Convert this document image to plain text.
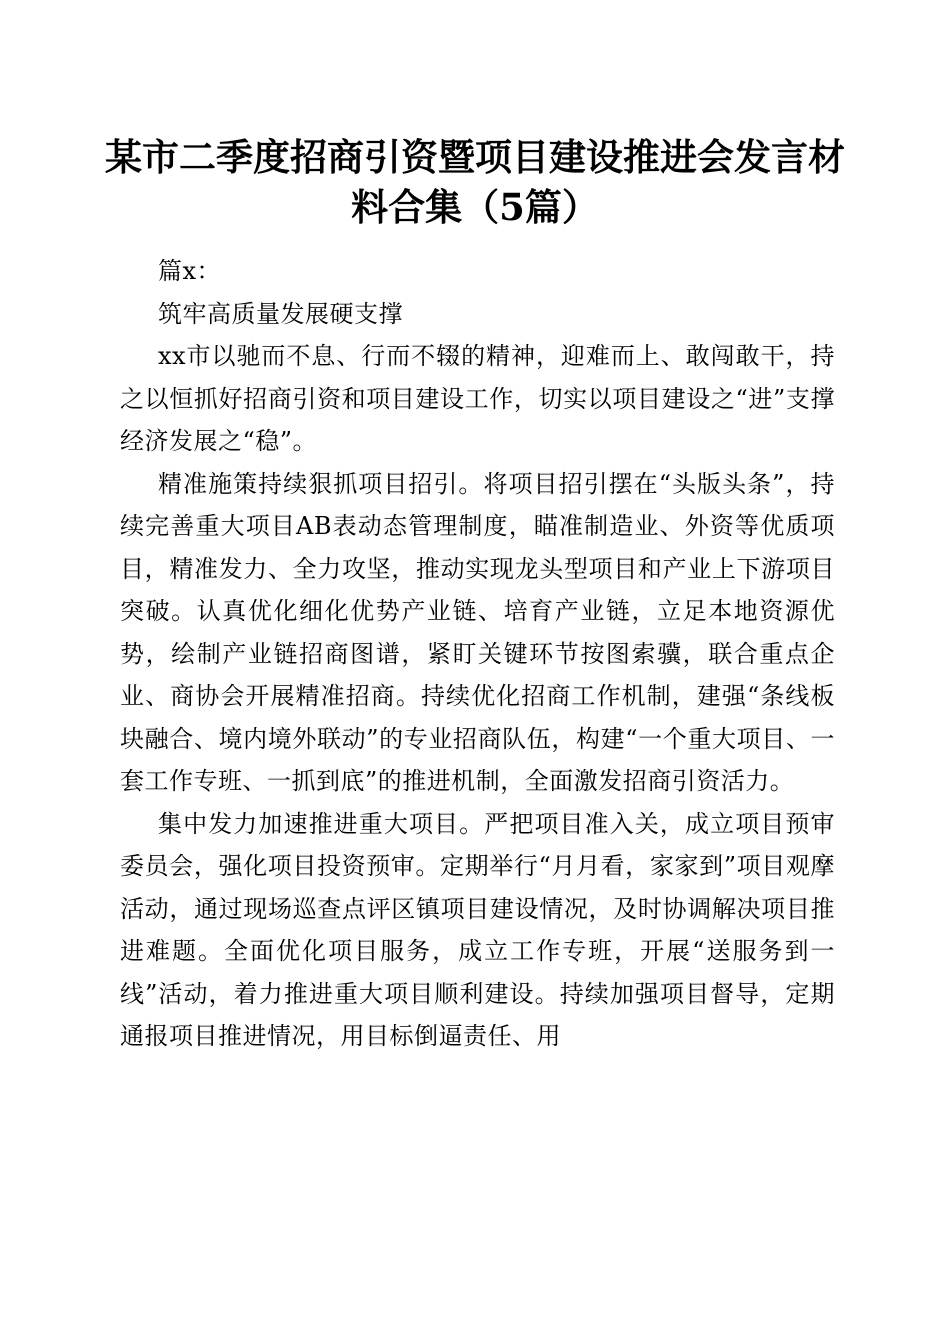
某市二季度招商引资暨项目建设推进会发言材
料合集（5篇）

篇x：

筑牢高质量发展硬支撑

xx市以驰而不息、行而不辍的精神，迎难而上、敢闯敢干，持之以恒抓好招商引资和项目建设工作，切实以项目建设之“进”支撑经济发展之“稳”。

精准施策持续狠抓项目招引。将项目招引摆在“头版头条”，持续完善重大项目AB表动态管理制度，瞄准制造业、外资等优质项目，精准发力、全力攻坚，推动实现龙头型项目和产业上下游项目突破。认真优化细化优势产业链、培育产业链，立足本地资源优势，绘制产业链招商图谱，紧盯关键环节按图索骥，联合重点企业、商协会开展精准招商。持续优化招商工作机制，建强“条线板块融合、境内境外联动”的专业招商队伍，构建“一个重大项目、一套工作专班、一抓到底”的推进机制，全面激发招商引资活力。

集中发力加速推进重大项目。严把项目准入关，成立项目预审委员会，强化项目投资预审。定期举行“月月看，家家到”项目观摩活动，通过现场巡查点评区镇项目建设情况，及时协调解决项目推进难题。全面优化项目服务，成立工作专班，开展“送服务到一线”活动，着力推进重大项目顺利建设。持续加强项目督导，定期通报项目推进情况，用目标倒逼责任、用
